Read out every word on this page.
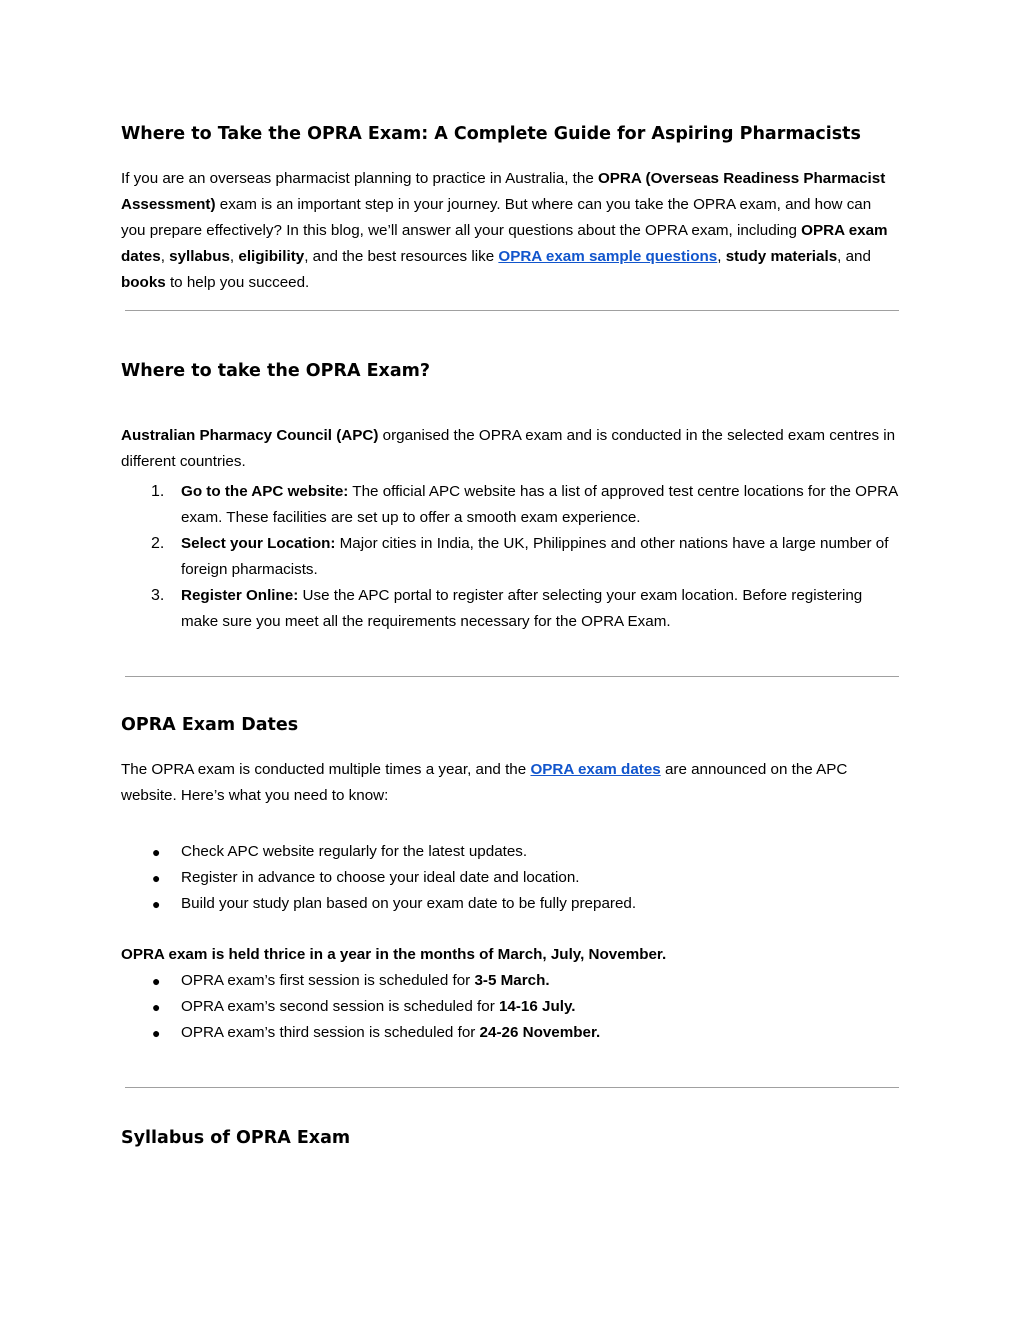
Where to Take the OPRA Exam: A Complete Guide for Aspiring Pharmacists
If you are an overseas pharmacist planning to practice in Australia, the OPRA (Overseas Readiness Pharmacist Assessment) exam is an important step in your journey. But where can you take the OPRA exam, and how can you prepare effectively? In this blog, we’ll answer all your questions about the OPRA exam, including OPRA exam dates, syllabus, eligibility, and the best resources like OPRA exam sample questions, study materials, and books to help you succeed.
Where to take the OPRA Exam?
Australian Pharmacy Council (APC) organised the OPRA exam and is conducted in the selected exam centres in different countries.
1. Go to the APC website: The official APC website has a list of approved test centre locations for the OPRA exam. These facilities are set up to offer a smooth exam experience.
2. Select your Location: Major cities in India, the UK, Philippines and other nations have a large number of foreign pharmacists.
3. Register Online: Use the APC portal to register after selecting your exam location. Before registering make sure you meet all the requirements necessary for the OPRA Exam.
OPRA Exam Dates
The OPRA exam is conducted multiple times a year, and the OPRA exam dates are announced on the APC website. Here’s what you need to know:
● Check APC website regularly for the latest updates.
● Register in advance to choose your ideal date and location.
● Build your study plan based on your exam date to be fully prepared.
OPRA exam is held thrice in a year in the months of March, July, November.
● OPRA exam’s first session is scheduled for 3-5 March.
● OPRA exam’s second session is scheduled for 14-16 July.
● OPRA exam’s third session is scheduled for 24-26 November.
Syllabus of OPRA Exam
